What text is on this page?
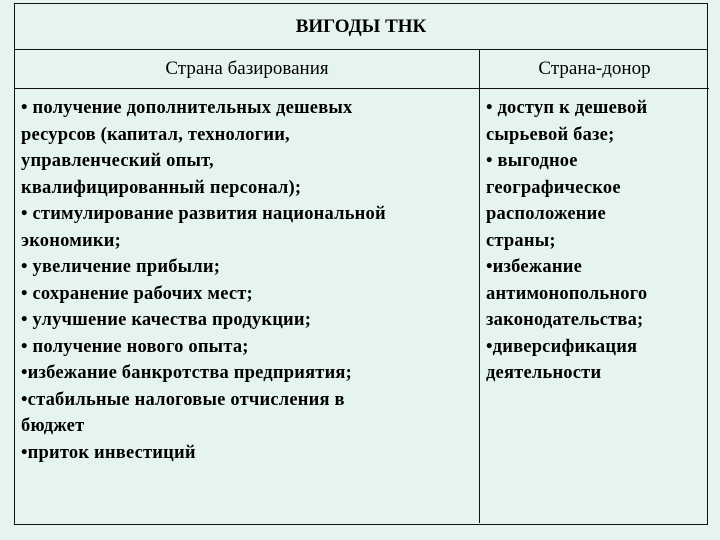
ВИГОДЫ ТНК
Страна базирования	Страна-донор
• получение дополнительных дешевых
ресурсов (капитал, технологии,
управленческий опыт,
квалифицированный персонал);
• стимулирование развития национальной
экономики;
• увеличение прибыли;
• сохранение рабочих мест;
• улучшение качества продукции;
• получение нового опыта;
•избежание банкротства предприятия;
•стабильные налоговые отчисления в
бюджет
•приток инвестиций
• доступ к дешевой
сырьевой базе;
• выгодное
географическое
расположение
страны;
•избежание
антимонопольного
законодательства;
•диверсификация
деятельности
